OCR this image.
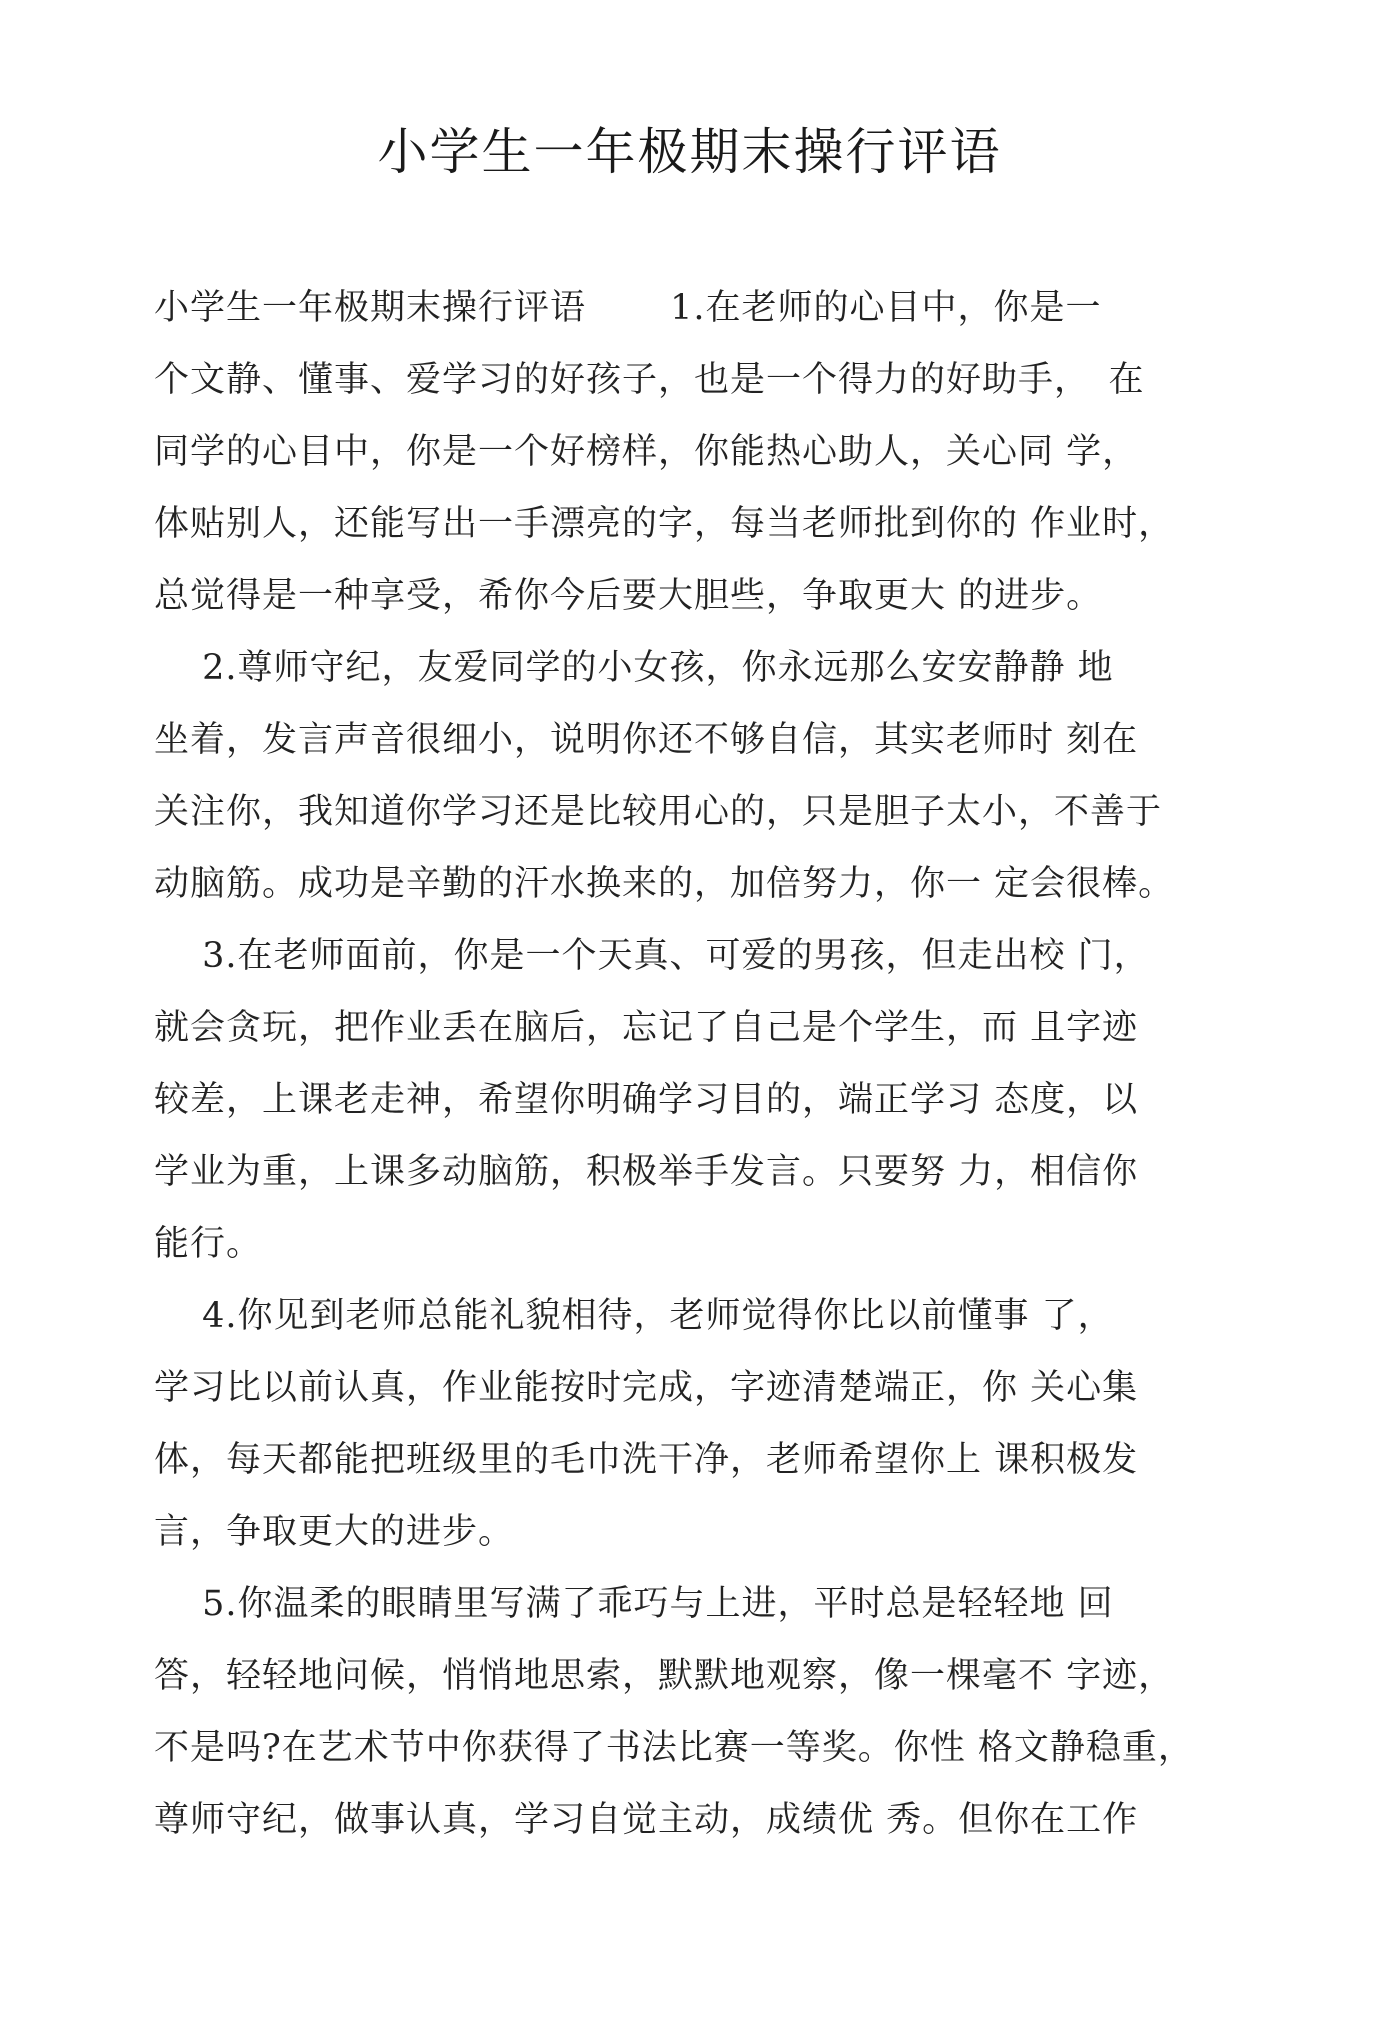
小学生一年极期末操行评语
小学生一年极期末操行评语　　 1.在老师的心目中，你是一
个文静、懂事、爱学习的好孩子，也是一个得力的好助手，　在
同学的心目中，你是一个好榜样，你能热心助人，关心同 学，
体贴别人，还能写出一手漂亮的字，每当老师批到你的 作业时，
总觉得是一种享受，希你今后要大胆些，争取更大 的进步。
　 2.尊师守纪，友爱同学的小女孩，你永远那么安安静静 地
坐着，发言声音很细小，说明你还不够自信，其实老师时 刻在
关注你，我知道你学习还是比较用心的，只是胆子太小，不善于
动脑筋。成功是辛勤的汗水换来的，加倍努力，你一 定会很棒。
　 3.在老师面前，你是一个天真、可爱的男孩，但走出校 门，
就会贪玩，把作业丢在脑后，忘记了自己是个学生，而 且字迹
较差，上课老走神，希望你明确学习目的，端正学习 态度，以
学业为重，上课多动脑筋，积极举手发言。只要努 力，相信你
能行。
　 4.你见到老师总能礼貌相待，老师觉得你比以前懂事 了，
学习比以前认真，作业能按时完成，字迹清楚端正，你 关心集
体，每天都能把班级里的毛巾洗干净，老师希望你上 课积极发
言，争取更大的进步。
　 5.你温柔的眼睛里写满了乖巧与上进，平时总是轻轻地 回
答，轻轻地问候，悄悄地思索，默默地观察，像一棵毫不 字迹，
不是吗?在艺术节中你获得了书法比赛一等奖。你性 格文静稳重，
尊师守纪，做事认真，学习自觉主动，成绩优 秀。但你在工作
